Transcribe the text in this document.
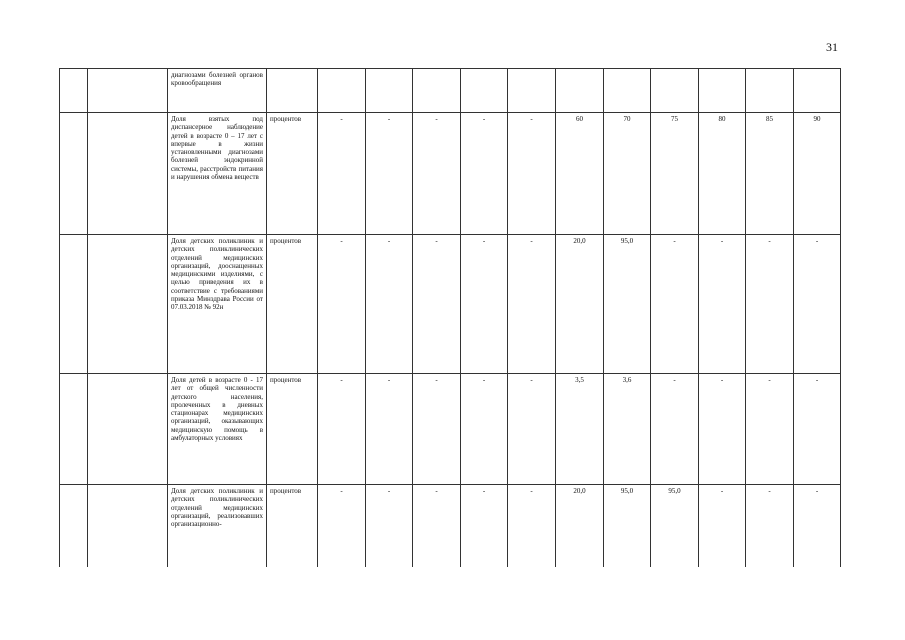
31
		диагнозами болезней органов кровообращения												
		Доля взятых под диспансерное наблюдение детей в возрасте 0 – 17 лет с впервые в жизни установленными диагнозами болезней эндокринной системы, расстройств питания и нарушения обмена веществ	процентов	-	-	-	-	-	60	70	75	80	85	90
		Доля детских поликлиник и детских поликлинических отделений медицинских организаций, дооснащенных медицинскими изделиями, с целью приведения их в соответствие с требованиями приказа Минздрава России от 07.03.2018 № 92н	процентов	-	-	-	-	-	20,0	95,0	-	-	-	-
		Доля детей в возрасте 0 - 17 лет от общей численности детского населения, пролеченных в дневных стационарах медицинских организаций, оказывающих медицинскую помощь в амбулаторных условиях	процентов	-	-	-	-	-	3,5	3,6	-	-	-	-
		Доля детских поликлиник и детских поликлинических отделений медицинских организаций, реализовавших организационно-	процентов	-	-	-	-	-	20,0	95,0	95,0	-	-	-
